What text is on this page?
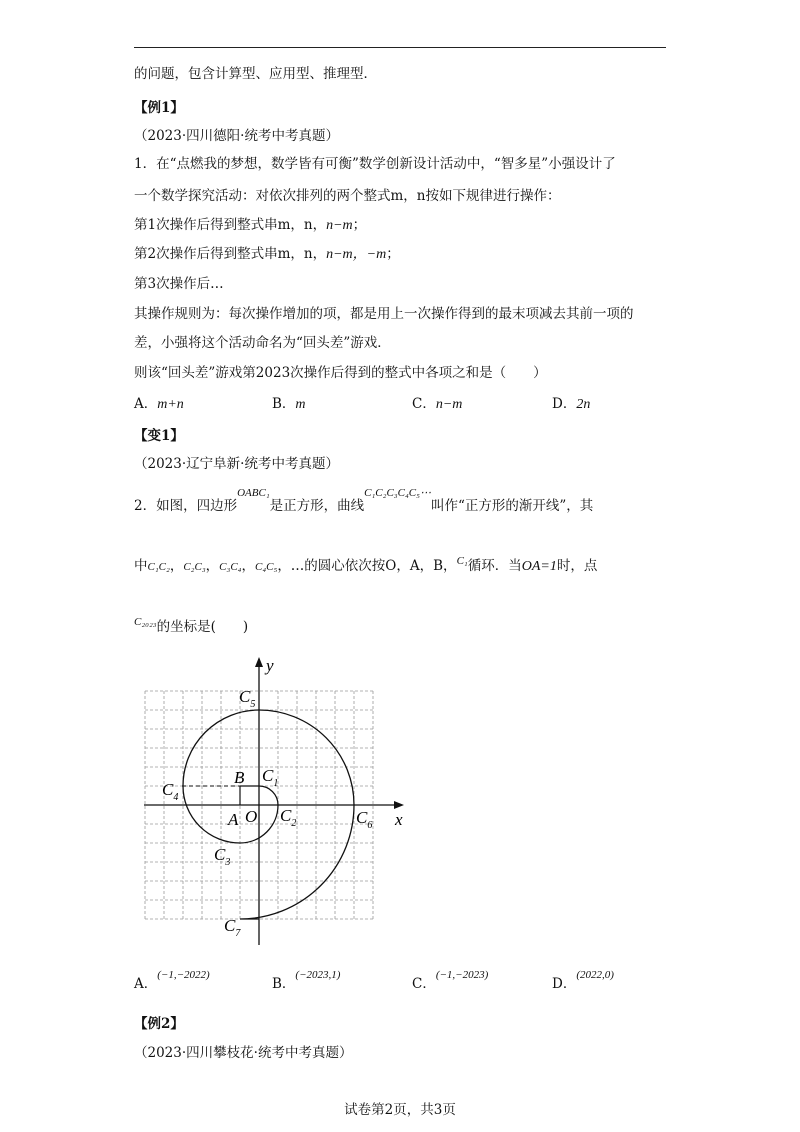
的问题，包含计算型、应用型、推理型．
【例1】
（2023·四川德阳·统考中考真题）
1．在“点燃我的梦想，数学皆有可衡”数学创新设计活动中，“智多星”小强设计了
一个数学探究活动：对依次排列的两个整式m，n按如下规律进行操作：
第1次操作后得到整式串m，n，n−m；
第2次操作后得到整式串m，n，n−m，−m；
第3次操作后…
其操作规则为：每次操作增加的项，都是用上一次操作得到的最末项减去其前一项的
差，小强将这个活动命名为“回头差”游戏．
则该“回头差”游戏第2023次操作后得到的整式中各项之和是（　　）
A．m+n	B．m	C．n−m	D．2n
【变1】
（2023·辽宁阜新·统考中考真题）
2．如图，四边形$^{OABC_1}$是正方形，曲线$^{C_1C_2C_3C_4C_5\cdots}$叫作“正方形的渐开线”，其
中C₁C₂，C₂C₃，C₃C₄，C₄C₅，…的圆心依次按O，A，B，$^{C_1}$循环．当OA=1时，点
$^{C_{2023}}$的坐标是(　　)
y
x
O
A
B $C_1$
$C_2$
$C_3$
$C_4$
$C_5$
$C_6$
$C_7$
A．(−1,−2022)
B．(−2023,1)
C．(−1,−2023)
D．(2022,0)
【例2】
（2023·四川攀枝花·统考中考真题）
试卷第2页，共3页
